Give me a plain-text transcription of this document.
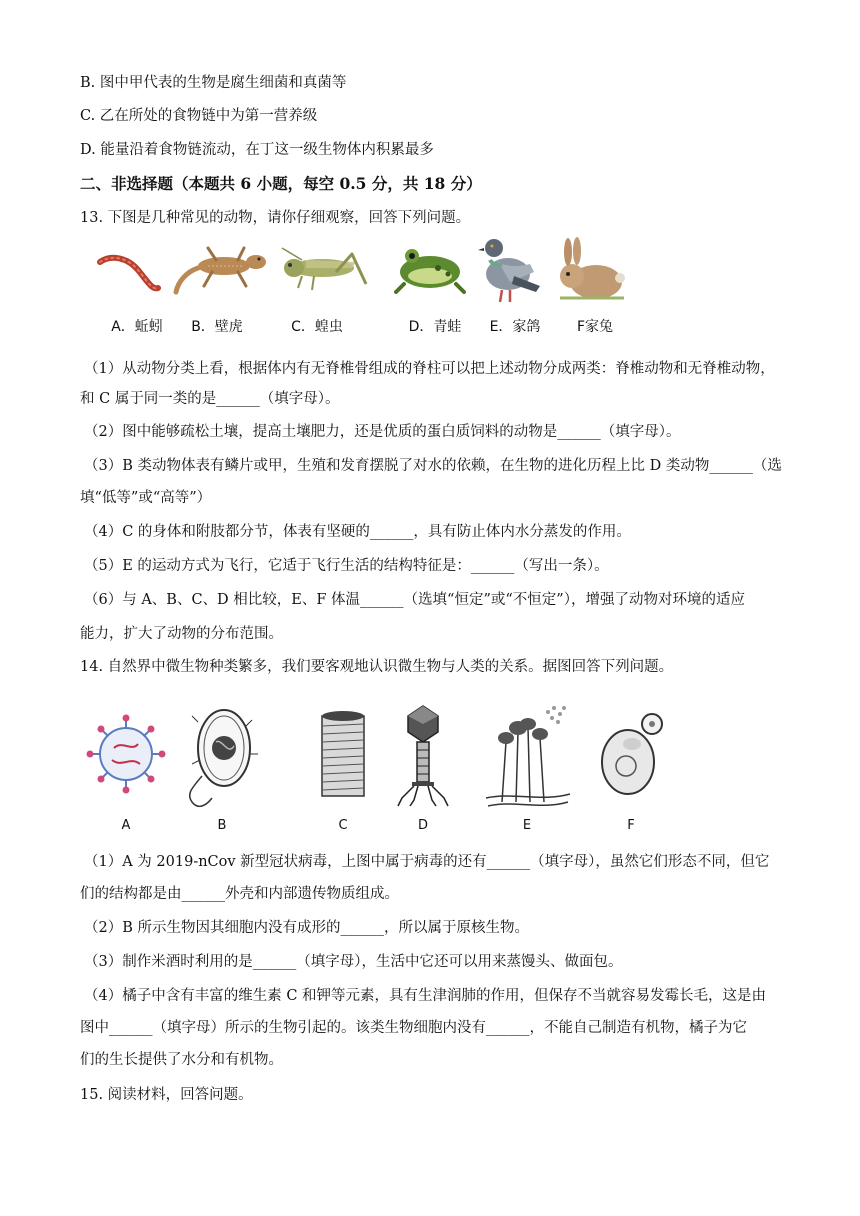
B. 图中甲代表的生物是腐生细菌和真菌等
C. 乙在所处的食物链中为第一营养级
D. 能量沿着食物链流动，在丁这一级生物体内积累最多
二、非选择题（本题共 6 小题，每空 0.5 分，共 18 分）
13. 下图是几种常见的动物，请你仔细观察，回答下列问题。
A．蚯蚓	B．壁虎	C．蝗虫	D．青蛙	E．家鸽	F家兔
（1）从动物分类上看，根据体内有无脊椎骨组成的脊柱可以把上述动物分成两类：脊椎动物和无脊椎动物，
和 C 属于同一类的是______（填字母）。
（2）图中能够疏松土壤，提高土壤肥力，还是优质的蛋白质饲料的动物是______（填字母）。
（3）B 类动物体表有鳞片或甲，生殖和发育摆脱了对水的依赖，在生物的进化历程上比 D 类动物______（选
填“低等”或“高等”）
（4）C 的身体和附肢都分节，体表有坚硬的______，具有防止体内水分蒸发的作用。
（5）E 的运动方式为飞行，它适于飞行生活的结构特征是：______（写出一条）。
（6）与 A、B、C、D 相比较，E、F 体温______（选填“恒定”或“不恒定”），增强了动物对环境的适应
能力，扩大了动物的分布范围。
14. 自然界中微生物种类繁多，我们要客观地认识微生物与人类的关系。据图回答下列问题。
A	B	C	D	E	F
（1）A 为 2019-nCov 新型冠状病毒，上图中属于病毒的还有______（填字母），虽然它们形态不同，但它
们的结构都是由______外壳和内部遗传物质组成。
（2）B 所示生物因其细胞内没有成形的______，所以属于原核生物。
（3）制作米酒时利用的是______（填字母），生活中它还可以用来蒸馒头、做面包。
（4）橘子中含有丰富的维生素 C 和钾等元素，具有生津润肺的作用，但保存不当就容易发霉长毛，这是由
图中______（填字母）所示的生物引起的。该类生物细胞内没有______，不能自己制造有机物，橘子为它
们的生长提供了水分和有机物。
15. 阅读材料，回答问题。
